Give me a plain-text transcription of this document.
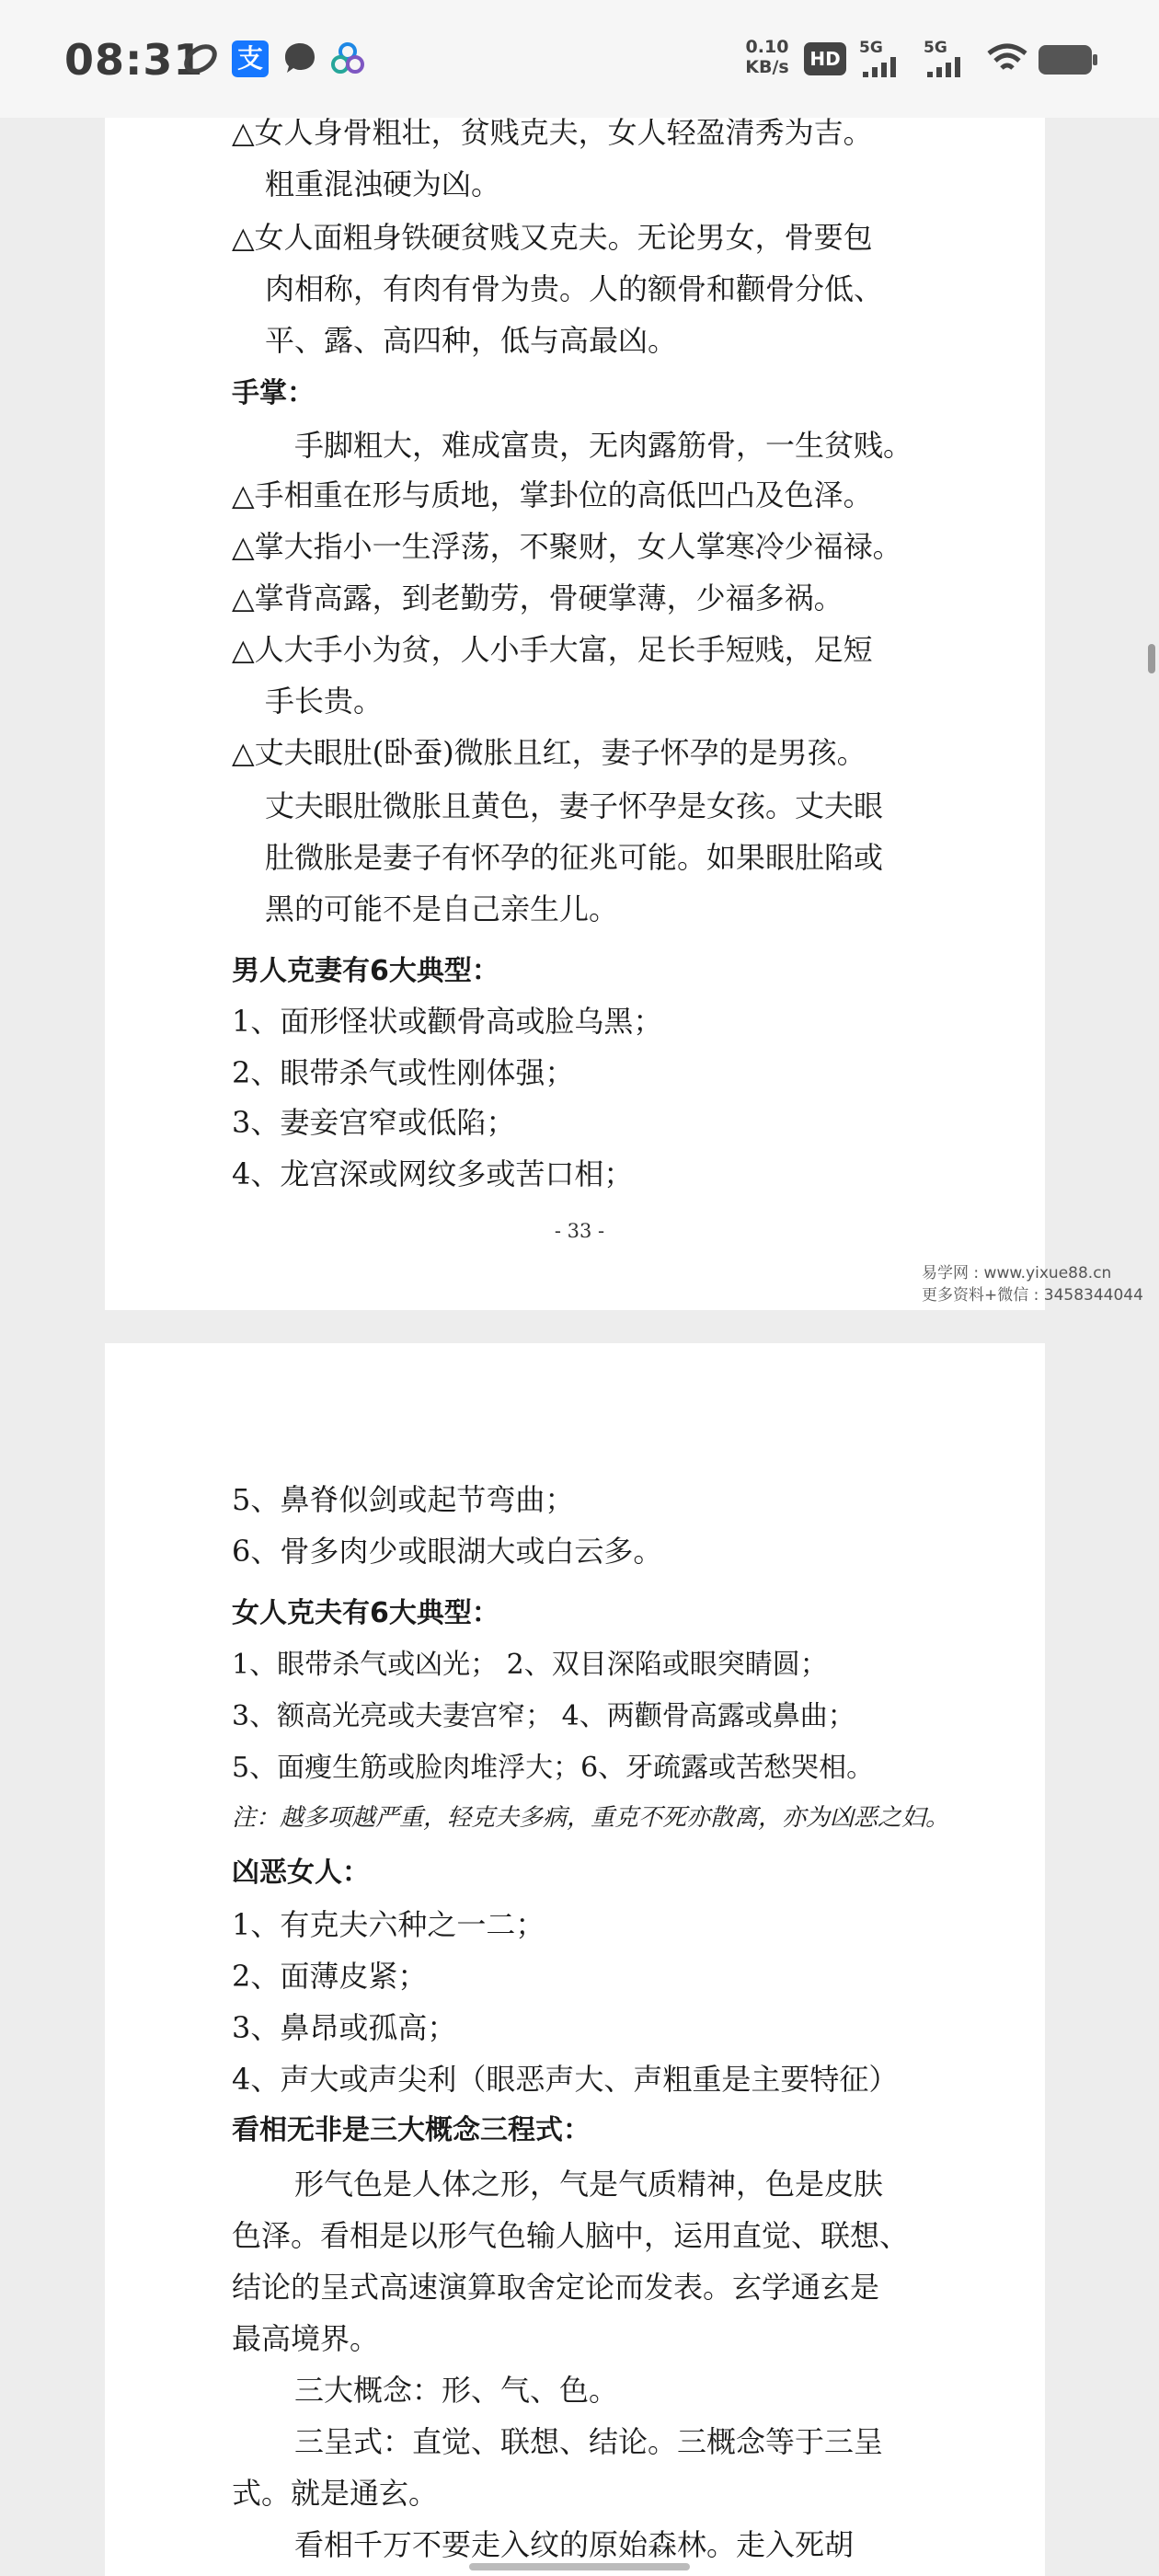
08:31 支	0.10
KB/s	HD	5G	5G
△女人身骨粗壮，贫贱克夫，女人轻盈清秀为吉。
粗重混浊硬为凶。
△女人面粗身铁硬贫贱又克夫。无论男女，骨要包
肉相称，有肉有骨为贵。人的额骨和颧骨分低、
平、露、高四种，低与高最凶。
手掌：
手脚粗大，难成富贵，无肉露筋骨，一生贫贱。
△手相重在形与质地，掌卦位的高低凹凸及色泽。
△掌大指小一生浮荡，不聚财，女人掌寒冷少福禄。
△掌背高露，到老勤劳，骨硬掌薄，少福多祸。
△人大手小为贫，人小手大富，足长手短贱，足短
手长贵。
△丈夫眼肚(卧蚕)微胀且红，妻子怀孕的是男孩。
丈夫眼肚微胀且黄色，妻子怀孕是女孩。丈夫眼
肚微胀是妻子有怀孕的征兆可能。如果眼肚陷或
黑的可能不是自己亲生儿。
男人克妻有6大典型：
1、面形怪状或颧骨高或脸乌黑；
2、眼带杀气或性刚体强；
3、妻妾宫窄或低陷；
4、龙宫深或网纹多或苦口相；
- 33 -
易学网 : www.yixue88.cn
更多资料+微信 : 3458344044
5、鼻脊似剑或起节弯曲；
6、骨多肉少或眼湖大或白云多。
女人克夫有6大典型：
1、眼带杀气或凶光； 2、双目深陷或眼突睛圆；
3、额高光亮或夫妻宫窄； 4、两颧骨高露或鼻曲；
5、面瘦生筋或脸肉堆浮大；6、牙疏露或苦愁哭相。
注：越多项越严重，轻克夫多病，重克不死亦散离，亦为凶恶之妇。
凶恶女人：
1、有克夫六种之一二；
2、面薄皮紧；
3、鼻昂或孤高；
4、声大或声尖利（眼恶声大、声粗重是主要特征）
看相无非是三大概念三程式：
形气色是人体之形，气是气质精神，色是皮肤
色泽。看相是以形气色输人脑中，运用直觉、联想、
结论的呈式高速演算取舍定论而发表。玄学通玄是
最高境界。
三大概念：形、气、色。
三呈式：直觉、联想、结论。三概念等于三呈
式。就是通玄。
看相千万不要走入纹的原始森林。走入死胡
